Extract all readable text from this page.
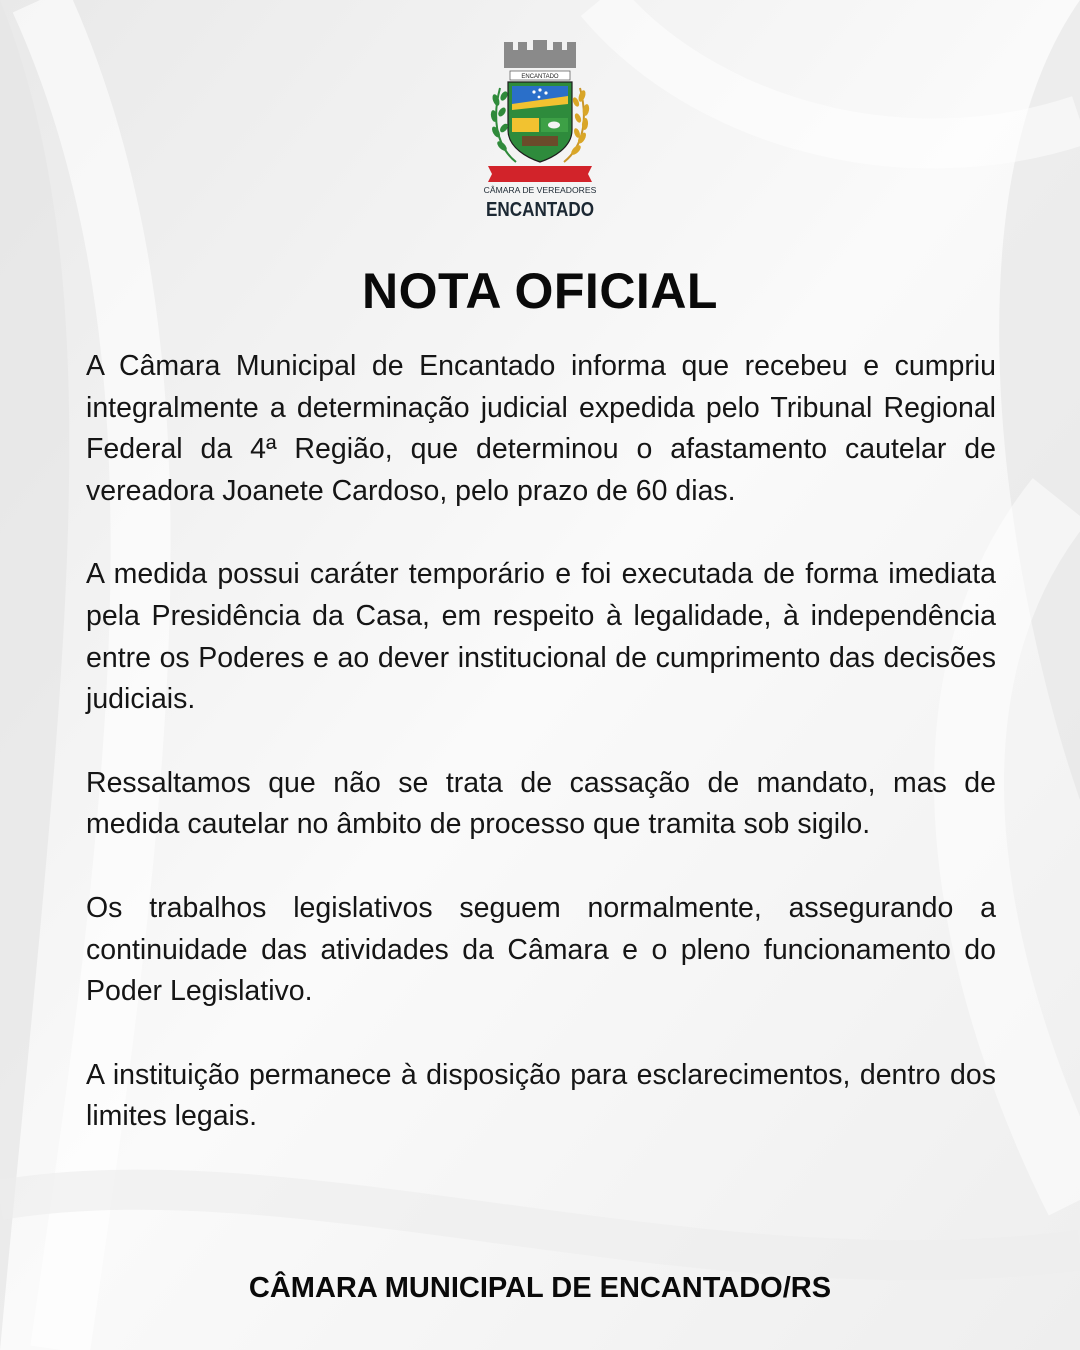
ENCANTADO
CÂMARA DE VEREADORES
ENCANTADO
NOTA OFICIAL

A Câmara Municipal de Encantado informa que recebeu e cumpriu integralmente a determinação judicial expedida pelo Tribunal Regional Federal da 4ª Região, que determinou o afastamento cautelar de vereadora Joanete Cardoso, pelo prazo de 60 dias.

A medida possui caráter temporário e foi executada de forma imediata pela Presidência da Casa, em respeito à legalidade, à independência entre os Poderes e ao dever institucional de cumprimento das decisões judiciais.

Ressaltamos que não se trata de cassação de mandato, mas de medida cautelar no âmbito de processo que tramita sob sigilo.

Os trabalhos legislativos seguem normalmente, assegurando a continuidade das atividades da Câmara e o pleno funcionamento do Poder Legislativo.

A instituição permanece à disposição para esclarecimentos, dentro dos limites legais.

CÂMARA MUNICIPAL DE ENCANTADO/RS
